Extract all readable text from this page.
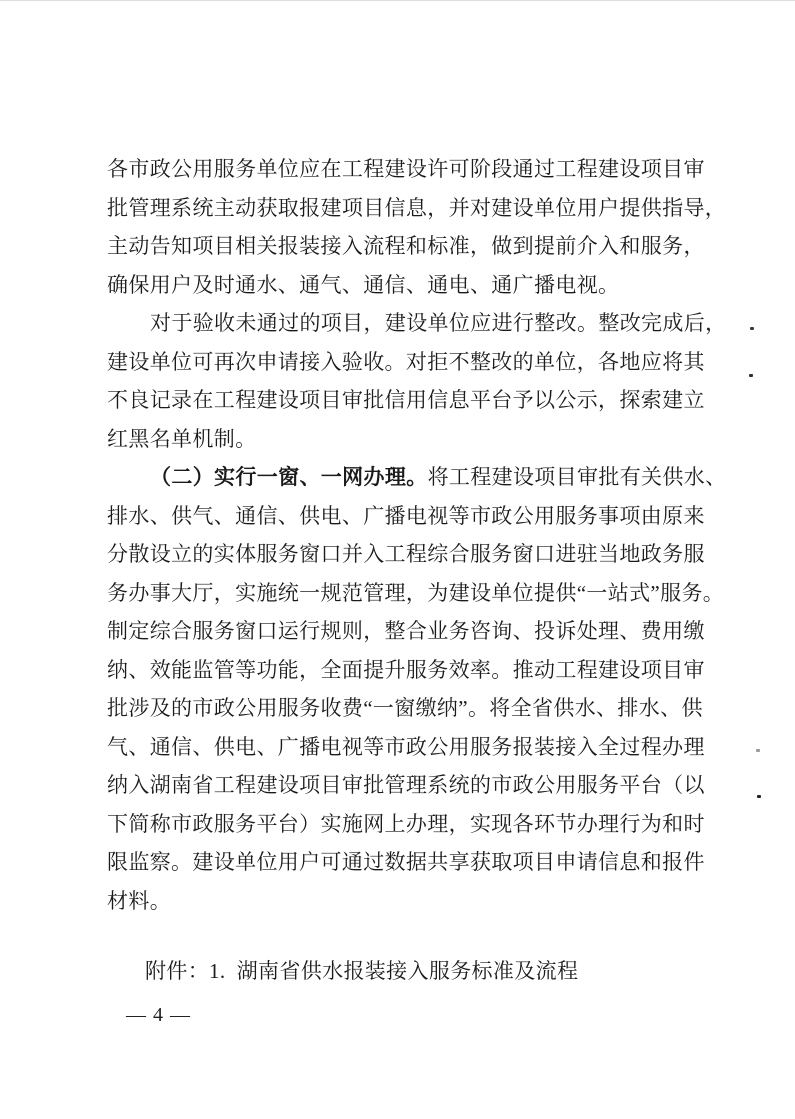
各市政公用服务单位应在工程建设许可阶段通过工程建设项目审
批管理系统主动获取报建项目信息，并对建设单位用户提供指导，
主动告知项目相关报装接入流程和标准，做到提前介入和服务，
确保用户及时通水、通气、通信、通电、通广播电视。
对于验收未通过的项目，建设单位应进行整改。整改完成后，
建设单位可再次申请接入验收。对拒不整改的单位，各地应将其
不良记录在工程建设项目审批信用信息平台予以公示，探索建立
红黑名单机制。
（二）实行一窗、一网办理。将工程建设项目审批有关供水、
排水、供气、通信、供电、广播电视等市政公用服务事项由原来
分散设立的实体服务窗口并入工程综合服务窗口进驻当地政务服
务办事大厅，实施统一规范管理，为建设单位提供“一站式”服务。
制定综合服务窗口运行规则，整合业务咨询、投诉处理、费用缴
纳、效能监管等功能，全面提升服务效率。推动工程建设项目审
批涉及的市政公用服务收费“一窗缴纳”。将全省供水、排水、供
气、通信、供电、广播电视等市政公用服务报装接入全过程办理
纳入湖南省工程建设项目审批管理系统的市政公用服务平台（以
下简称市政服务平台）实施网上办理，实现各环节办理行为和时
限监察。建设单位用户可通过数据共享获取项目申请信息和报件
材料。
附件：1.  湖南省供水报装接入服务标准及流程
— 4 —
